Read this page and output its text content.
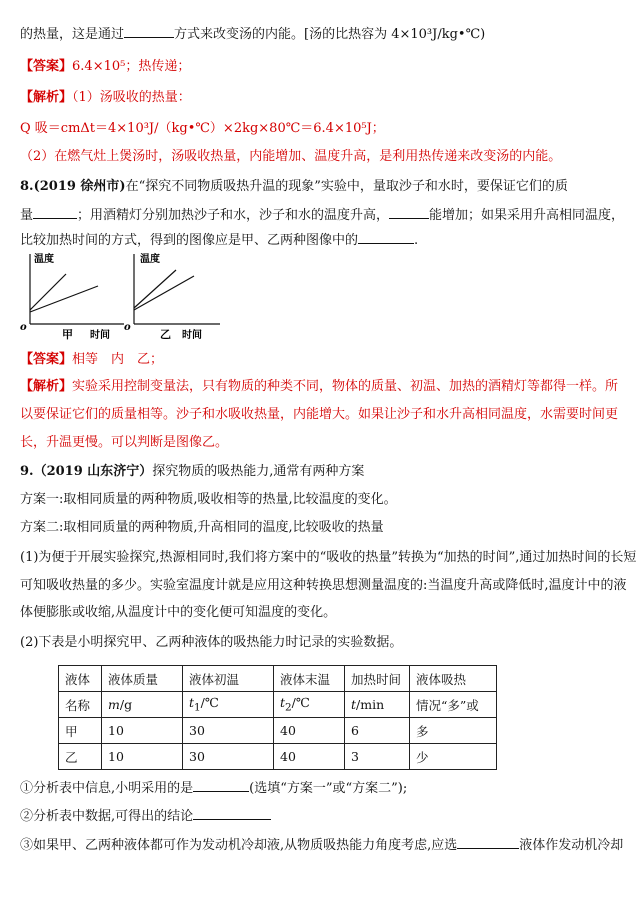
的热量，这是通过	方式来改变汤的内能。[汤的比热容为 4×10³J/kg•℃)
【答案】6.4×10⁵；热传递；
【解析】（1）汤吸收的热量：
Q 吸＝cmΔt＝4×10³J/（kg•℃）×2kg×80℃＝6.4×10⁵J；
（2）在燃气灶上煲汤时，汤吸收热量，内能增加、温度升高，是利用热传递来改变汤的内能。
8.(2019 徐州市)在“探究不同物质吸热升温的现象”实验中，量取沙子和水时，要保证它们的质
量	；用酒精灯分别加热沙子和水，沙子和水的温度升高，	能增加；如果采用升高相同温度，
比较加热时间的方式，得到的图像应是甲、乙两种图像中的	.
温度
时间
o
甲
温度
时间
o
乙
【答案】相等　内　乙；
【解析】实验采用控制变量法，只有物质的种类不同，物体的质量、初温、加热的酒精灯等都得一样。所
以要保证它们的质量相等。沙子和水吸收热量，内能增大。如果让沙子和水升高相同温度，水需要时间更
长，升温更慢。可以判断是图像乙。
9.（2019 山东济宁）探究物质的吸热能力,通常有两种方案
方案一:取相同质量的两种物质,吸收相等的热量,比较温度的变化。
方案二:取相同质量的两种物质,升高相同的温度,比较吸收的热量
(1)为便于开展实验探究,热源相同时,我们将方案中的“吸收的热量”转换为“加热的时间”,通过加热时间的长短
可知吸收热量的多少。实验室温度计就是应用这种转换思想测量温度的:当温度升高或降低时,温度计中的液
体便膨胀或收缩,从温度计中的变化便可知温度的变化。
(2)下表是小明探究甲、乙两种液体的吸热能力时记录的实验数据。
液体	液体质量	液体初温	液体末温	加热时间	液体吸热
名称	m/g	$t_1/℃$	$t_2/℃$	t/min	情况“多”或
甲	10	30	40	6	多
乙	10	30	40	3	少
①分析表中信息,小明采用的是	(选填“方案一”或“方案二”);
②分析表中数据,可得出的结论
③如果甲、乙两种液体都可作为发动机冷却液,从物质吸热能力角度考虑,应选	液体作发动机冷却
